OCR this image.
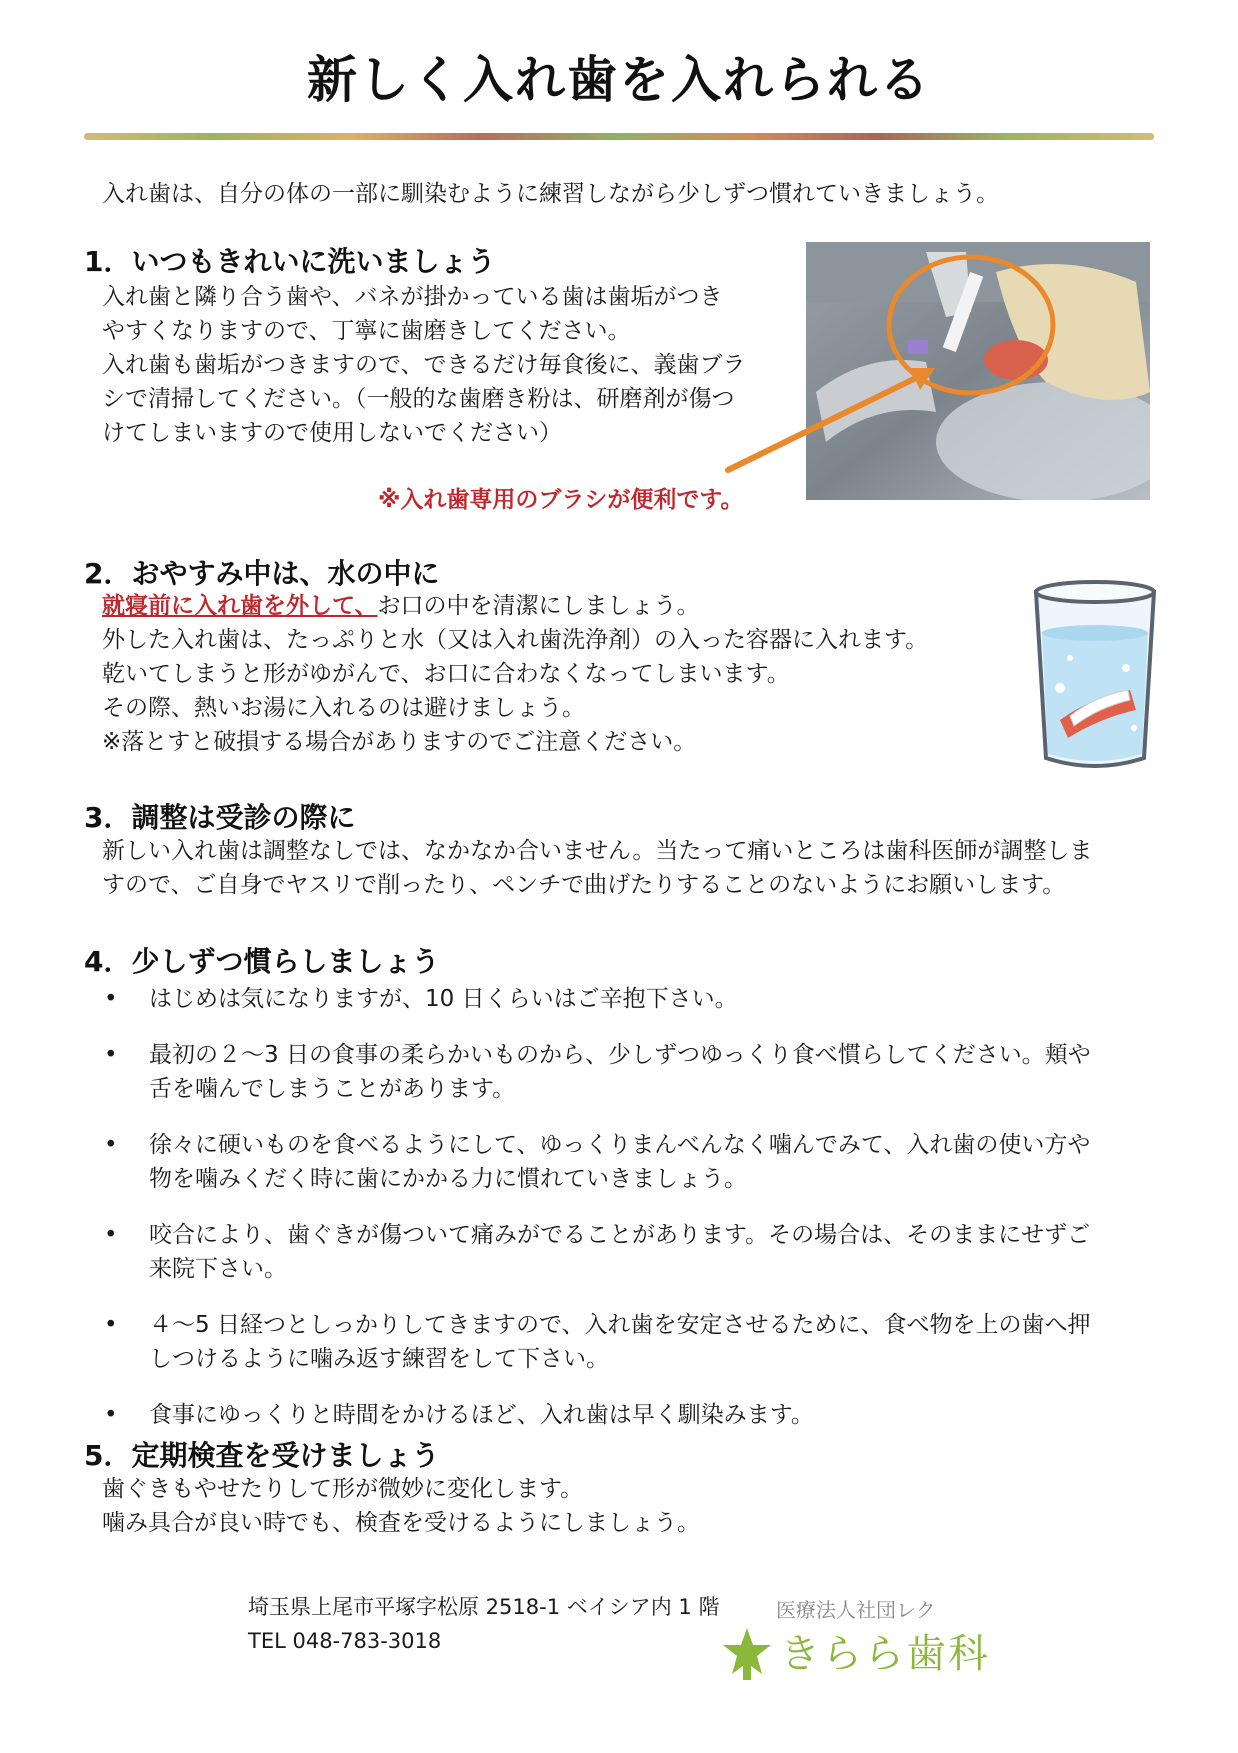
新しく入れ歯を入れられる
入れ歯は、自分の体の一部に馴染むように練習しながら少しずつ慣れていきましょう。
1．いつもきれいに洗いましょう
入れ歯と隣り合う歯や、バネが掛かっている歯は歯垢がつき
やすくなりますので、丁寧に歯磨きしてください。
入れ歯も歯垢がつきますので、できるだけ毎食後に、義歯ブラ
シで清掃してください。（一般的な歯磨き粉は、研磨剤が傷つ
けてしまいますので使用しないでください）
※入れ歯専用のブラシが便利です。
2．おやすみ中は、水の中に
就寝前に入れ歯を外して、お口の中を清潔にしましょう。
外した入れ歯は、たっぷりと水（又は入れ歯洗浄剤）の入った容器に入れます。
乾いてしまうと形がゆがんで、お口に合わなくなってしまいます。
その際、熱いお湯に入れるのは避けましょう。
※落とすと破損する場合がありますのでご注意ください。
3．調整は受診の際に
新しい入れ歯は調整なしでは、なかなか合いません。当たって痛いところは歯科医師が調整しま
すので、ご自身でヤスリで削ったり、ペンチで曲げたりすることのないようにお願いします。
4．少しずつ慣らしましょう
• はじめは気になりますが、10 日くらいはご辛抱下さい。
• 最初の２～3 日の食事の柔らかいものから、少しずつゆっくり食べ慣らしてください。頬や
舌を噛んでしまうことがあります。
• 徐々に硬いものを食べるようにして、ゆっくりまんべんなく噛んでみて、入れ歯の使い方や
物を噛みくだく時に歯にかかる力に慣れていきましょう。
• 咬合により、歯ぐきが傷ついて痛みがでることがあります。その場合は、そのままにせずご
来院下さい。
• ４～5 日経つとしっかりしてきますので、入れ歯を安定させるために、食べ物を上の歯へ押
しつけるように噛み返す練習をして下さい。
• 食事にゆっくりと時間をかけるほど、入れ歯は早く馴染みます。
5．定期検査を受けましょう
歯ぐきもやせたりして形が微妙に変化します。
噛み具合が良い時でも、検査を受けるようにしましょう。
埼玉県上尾市平塚字松原 2518-1 ベイシア内 1 階
TEL 048-783-3018
医療法人社団レク
きらら歯科
